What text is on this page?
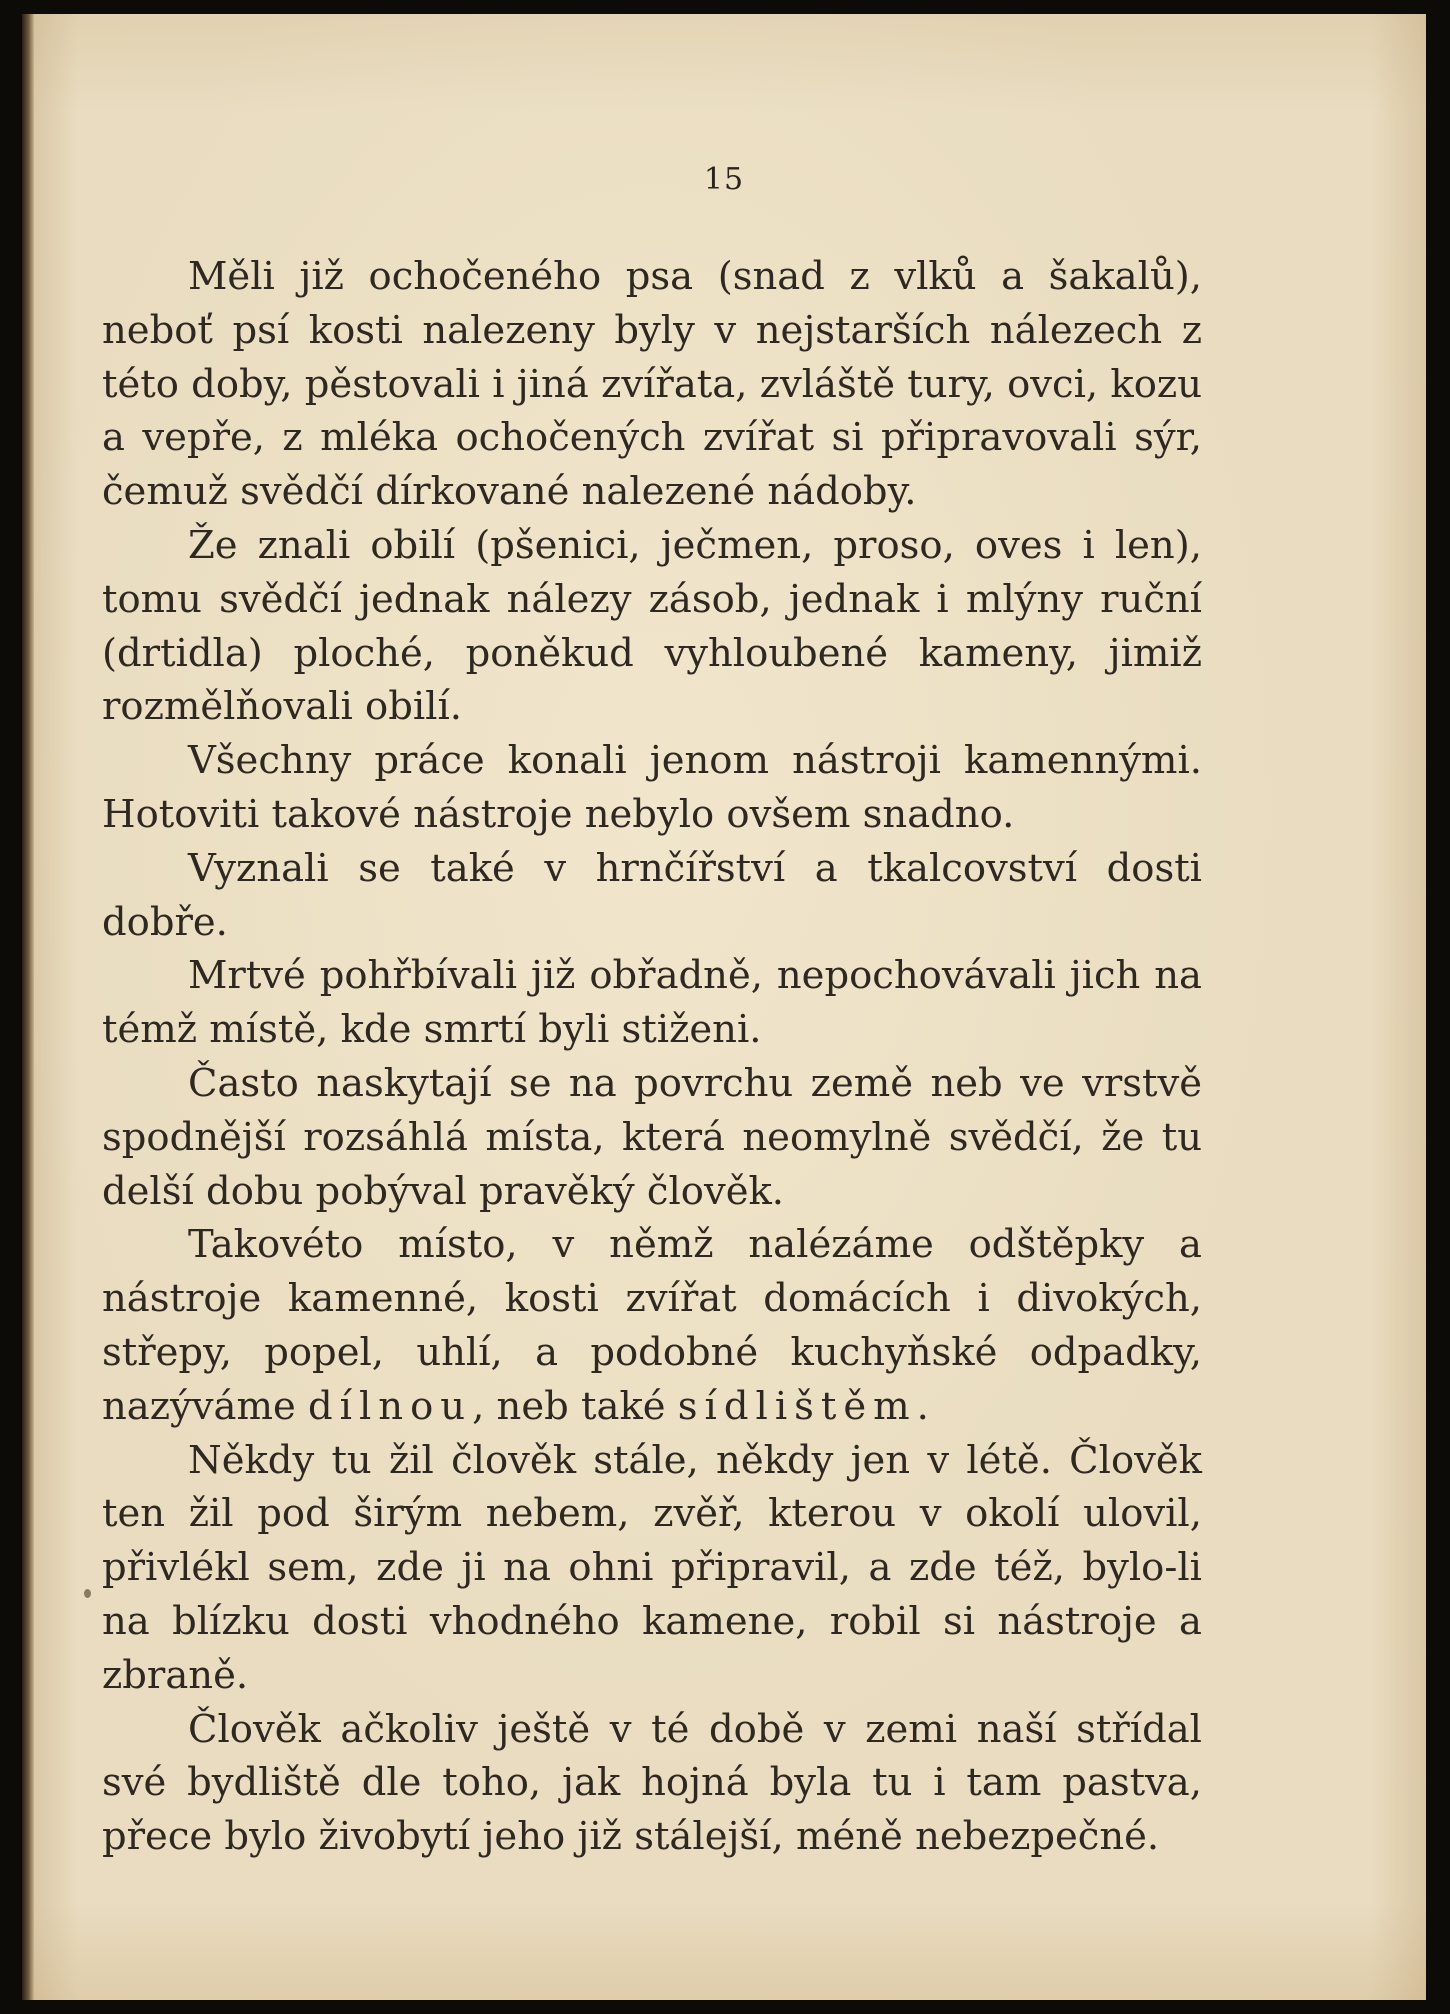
15

Měli již ochočeného psa (snad z vlků a šakalů), neboť psí kosti nalezeny byly v nejstarších nálezech z této doby, pěstovali i jiná zvířata, zvláště tury, ovci, kozu a vepře, z mléka ochočených zvířat si připravovali sýr, čemuž svědčí dírkované nalezené nádoby.

Že znali obilí (pšenici, ječmen, proso, oves i len), tomu svědčí jednak nálezy zásob, jednak i mlýny ruční (drtidla) ploché, poněkud vyhloubené kameny, jimiž rozmělňovali obilí.

Všechny práce konali jenom nástroji kamennými. Hotoviti takové nástroje nebylo ovšem snadno.

Vyznali se také v hrnčířství a tkalcovství dosti dobře.

Mrtvé pohřbívali již obřadně, nepochovávali jich na témž místě, kde smrtí byli stiženi.

Často naskytají se na povrchu země neb ve vrstvě spodnější rozsáhlá místa, která neomylně svědčí, že tu delší dobu pobýval pravěký člověk.

Takovéto místo, v němž nalézáme odštěpky a nástroje kamenné, kosti zvířat domácích i divokých, střepy, popel, uhlí, a podobné kuchyňské odpadky, nazýváme dílnou, neb také sídlištěm.

Někdy tu žil člověk stále, někdy jen v létě. Člověk ten žil pod širým nebem, zvěř, kterou v okolí ulovil, přivlékl sem, zde ji na ohni připravil, a zde též, bylo-li na blízku dosti vhodného kamene, robil si nástroje a zbraně.

Člověk ačkoliv ještě v té době v zemi naší střídal své bydliště dle toho, jak hojná byla tu i tam pastva, přece bylo živobytí jeho již stálejší, méně nebezpečné.
